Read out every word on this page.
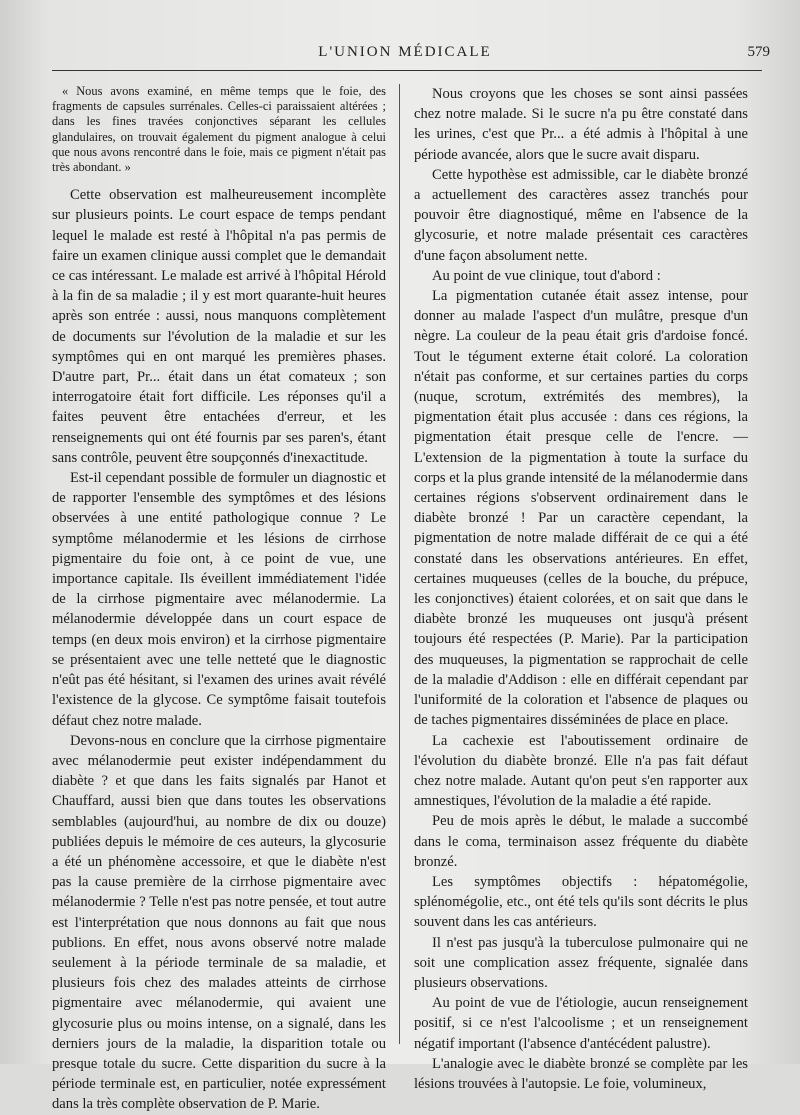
L'UNION MÉDICALE	579

« Nous avons examiné, en même temps que le foie, des fragments de capsules surrénales. Celles-ci paraissaient altérées ; dans les fines travées conjonctives séparant les cellules glandulaires, on trouvait également du pigment analogue à celui que nous avons rencontré dans le foie, mais ce pigment n'était pas très abondant. »

Cette observation est malheureusement incomplète sur plusieurs points. Le court espace de temps pendant lequel le malade est resté à l'hôpital n'a pas permis de faire un examen clinique aussi complet que le demandait ce cas intéressant. Le malade est arrivé à l'hôpital Hérold à la fin de sa maladie ; il y est mort quarante-huit heures après son entrée : aussi, nous manquons complètement de documents sur l'évolution de la maladie et sur les symptômes qui en ont marqué les premières phases. D'autre part, Pr... était dans un état comateux ; son interrogatoire était fort difficile. Les réponses qu'il a faites peuvent être entachées d'erreur, et les renseignements qui ont été fournis par ses paren's, étant sans contrôle, peuvent être soupçonnés d'inexactitude.

Est-il cependant possible de formuler un diagnostic et de rapporter l'ensemble des symptômes et des lésions observées à une entité pathologique connue ? Le symptôme mélanodermie et les lésions de cirrhose pigmentaire du foie ont, à ce point de vue, une importance capitale. Ils éveillent immédiatement l'idée de la cirrhose pigmentaire avec mélanodermie. La mélanodermie développée dans un court espace de temps (en deux mois environ) et la cirrhose pigmentaire se présentaient avec une telle netteté que le diagnostic n'eût pas été hésitant, si l'examen des urines avait révélé l'existence de la glycose. Ce symptôme faisait toutefois défaut chez notre malade.

Devons-nous en conclure que la cirrhose pigmentaire avec mélanodermie peut exister indépendamment du diabète ? et que dans les faits signalés par Hanot et Chauffard, aussi bien que dans toutes les observations semblables (aujourd'hui, au nombre de dix ou douze) publiées depuis le mémoire de ces auteurs, la glycosurie a été un phénomène accessoire, et que le diabète n'est pas la cause première de la cirrhose pigmentaire avec mélanodermie ? Telle n'est pas notre pensée, et tout autre est l'interprétation que nous donnons au fait que nous publions. En effet, nous avons observé notre malade seulement à la période terminale de sa maladie, et plusieurs fois chez des malades atteints de cirrhose pigmentaire avec mélanodermie, qui avaient une glycosurie plus ou moins intense, on a signalé, dans les derniers jours de la maladie, la disparition totale ou presque totale du sucre. Cette disparition du sucre à la période terminale est, en particulier, notée expressément dans la très complète observation de P. Marie.

Nous croyons que les choses se sont ainsi passées chez notre malade. Si le sucre n'a pu être constaté dans les urines, c'est que Pr... a été admis à l'hôpital à une période avancée, alors que le sucre avait disparu.

Cette hypothèse est admissible, car le diabète bronzé a actuellement des caractères assez tranchés pour pouvoir être diagnostiqué, même en l'absence de la glycosurie, et notre malade présentait ces caractères d'une façon absolument nette.

Au point de vue clinique, tout d'abord :

La pigmentation cutanée était assez intense, pour donner au malade l'aspect d'un mulâtre, presque d'un nègre. La couleur de la peau était gris d'ardoise foncé. Tout le tégument externe était coloré. La coloration n'était pas conforme, et sur certaines parties du corps (nuque, scrotum, extrémités des membres), la pigmentation était plus accusée : dans ces régions, la pigmentation était presque celle de l'encre. — L'extension de la pigmentation à toute la surface du corps et la plus grande intensité de la mélanodermie dans certaines régions s'observent ordinairement dans le diabète bronzé ! Par un caractère cependant, la pigmentation de notre malade différait de ce qui a été constaté dans les observations antérieures. En effet, certaines muqueuses (celles de la bouche, du prépuce, les conjonctives) étaient colorées, et on sait que dans le diabète bronzé les muqueuses ont jusqu'à présent toujours été respectées (P. Marie). Par la participation des muqueuses, la pigmentation se rapprochait de celle de la maladie d'Addison : elle en différait cependant par l'uniformité de la coloration et l'absence de plaques ou de taches pigmentaires disséminées de place en place.

La cachexie est l'aboutissement ordinaire de l'évolution du diabète bronzé. Elle n'a pas fait défaut chez notre malade. Autant qu'on peut s'en rapporter aux amnestiques, l'évolution de la maladie a été rapide.

Peu de mois après le début, le malade a succombé dans le coma, terminaison assez fréquente du diabète bronzé.

Les symptômes objectifs : hépatomégolie, splénomégolie, etc., ont été tels qu'ils sont décrits le plus souvent dans les cas antérieurs.

Il n'est pas jusqu'à la tuberculose pulmonaire qui ne soit une complication assez fréquente, signalée dans plusieurs observations.

Au point de vue de l'étiologie, aucun renseignement positif, si ce n'est l'alcoolisme ; et un renseignement négatif important (l'absence d'antécédent palustre).

L'analogie avec le diabète bronzé se complète par les lésions trouvées à l'autopsie. Le foie, volumineux,
